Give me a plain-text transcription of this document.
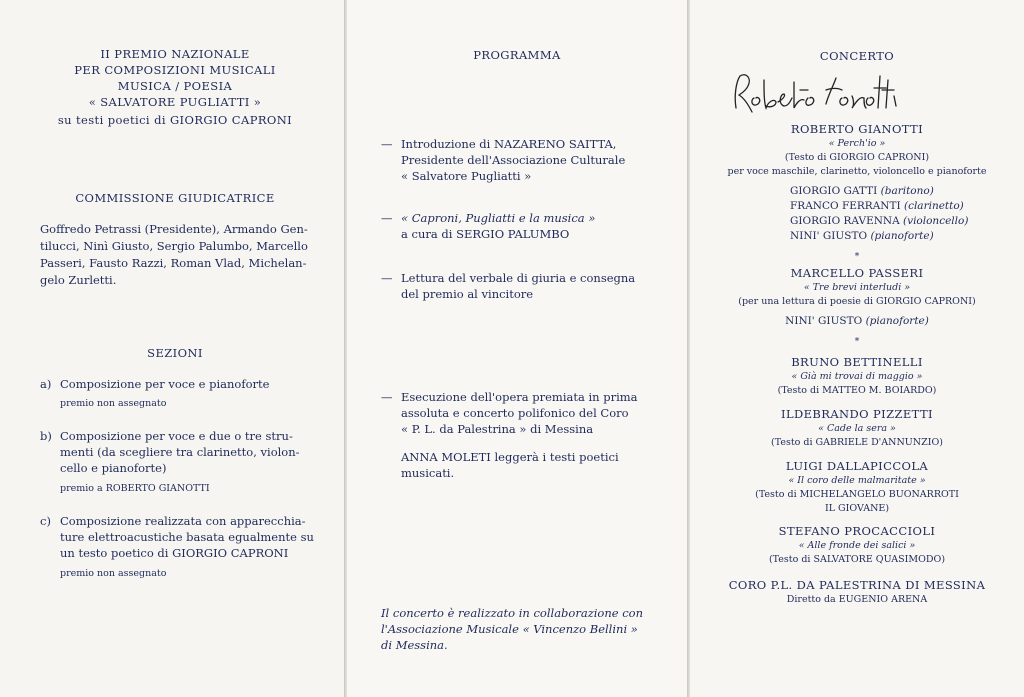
II PREMIO NAZIONALE
PER COMPOSIZIONI MUSICALI
MUSICA / POESIA
« SALVATORE PUGLIATTI »
su testi poetici di GIORGIO CAPRONI
COMMISSIONE GIUDICATRICE
Goffredo Petrassi (Presidente), Armando Gen-
tilucci, Ninì Giusto, Sergio Palumbo, Marcello
Passeri, Fausto Razzi, Roman Vlad, Michelan-
gelo Zurletti.
SEZIONI
a) Composizione per voce e pianoforte
premio non assegnato
b) Composizione per voce e due o tre stru-
menti (da scegliere tra clarinetto, violon-
cello e pianoforte)
premio a ROBERTO GIANOTTI
c) Composizione realizzata con apparecchia-
ture elettroacustiche basata egualmente su
un testo poetico di GIORGIO CAPRONI
premio non assegnato
PROGRAMMA
— Introduzione di NAZARENO SAITTA,
Presidente dell'Associazione Culturale
« Salvatore Pugliatti »
— « Caproni, Pugliatti e la musica »
a cura di SERGIO PALUMBO
— Lettura del verbale di giuria e consegna
del premio al vincitore
— Esecuzione dell'opera premiata in prima
assoluta e concerto polifonico del Coro
« P. L. da Palestrina » di Messina
ANNA MOLETI leggerà i testi poetici
musicati.
Il concerto è realizzato in collaborazione con
l'Associazione Musicale « Vincenzo Bellini »
di Messina.
CONCERTO
ROBERTO GIANOTTI
« Perch'io »
(Testo di GIORGIO CAPRONI)
per voce maschile, clarinetto, violoncello e pianoforte
GIORGIO GATTI (baritono)
FRANCO FERRANTI (clarinetto)
GIORGIO RAVENNA (violoncello)
NINI' GIUSTO (pianoforte)
*
MARCELLO PASSERI
« Tre brevi interludi »
(per una lettura di poesie di GIORGIO CAPRONI)
NINI' GIUSTO (pianoforte)
*
BRUNO BETTINELLI
« Già mi trovai di maggio »
(Testo di MATTEO M. BOIARDO)
ILDEBRANDO PIZZETTI
« Cade la sera »
(Testo di GABRIELE D'ANNUNZIO)
LUIGI DALLAPICCOLA
« Il coro delle malmaritate »
(Testo di MICHELANGELO BUONARROTI
IL GIOVANE)
STEFANO PROCACCIOLI
« Alle fronde dei salici »
(Testo di SALVATORE QUASIMODO)
CORO P.L. DA PALESTRINA DI MESSINA
Diretto da EUGENIO ARENA
